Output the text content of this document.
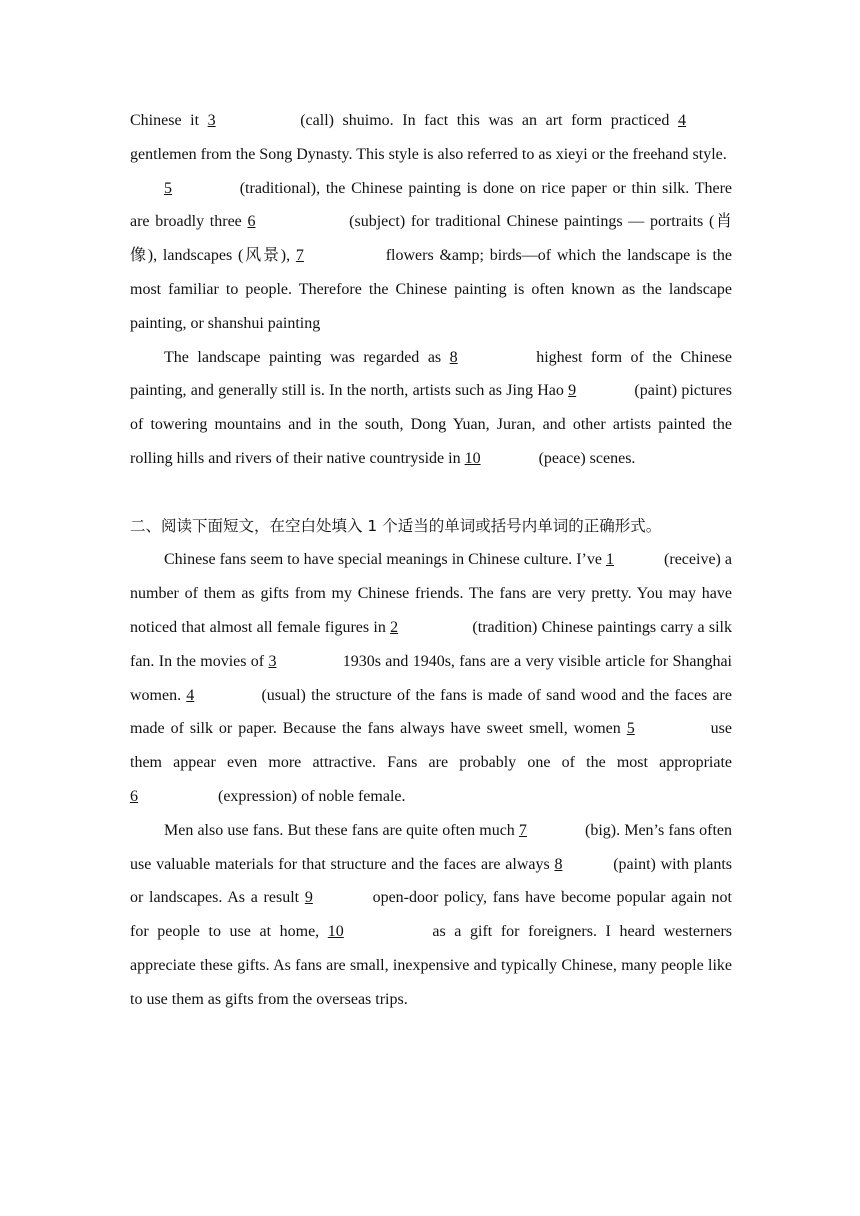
Chinese it 3	(call) shuimo. In fact this was an art form practiced 4 gentlemen from the Song Dynasty. This style is also referred to as xieyi or the freehand style.

5	(traditional), the Chinese painting is done on rice paper or thin silk. There are broadly three 6	(subject) for traditional Chinese paintings — portraits (肖像), landscapes (风景), 7	flowers &amp; birds—of which the landscape is the most familiar to people. Therefore the Chinese painting is often known as the landscape painting, or shanshui painting

The landscape painting was regarded as 8	highest form of the Chinese painting, and generally still is. In the north, artists such as Jing Hao 9	(paint) pictures of towering mountains and in the south, Dong Yuan, Juran, and other artists painted the rolling hills and rivers of their native countryside in 10	(peace) scenes.

二、阅读下面短文，在空白处填入 1 个适当的单词或括号内单词的正确形式。

Chinese fans seem to have special meanings in Chinese culture. I’ve 1	(receive) a number of them as gifts from my Chinese friends. The fans are very pretty. You may have noticed that almost all female figures in 2	(tradition) Chinese paintings carry a silk fan. In the movies of 3	1930s and 1940s, fans are a very visible article for Shanghai women. 4	(usual) the structure of the fans is made of sand wood and the faces are made of silk or paper. Because the fans always have sweet smell, women 5	use them appear even more attractive. Fans are probably one of the most appropriate 6	(expression) of noble female.

Men also use fans. But these fans are quite often much 7	(big). Men’s fans often use valuable materials for that structure and the faces are always 8	(paint) with plants or landscapes. As a result 9	open-door policy, fans have become popular again not for people to use at home, 10	as a gift for foreigners. I heard westerners appreciate these gifts. As fans are small, inexpensive and typically Chinese, many people like to use them as gifts from the overseas trips.
